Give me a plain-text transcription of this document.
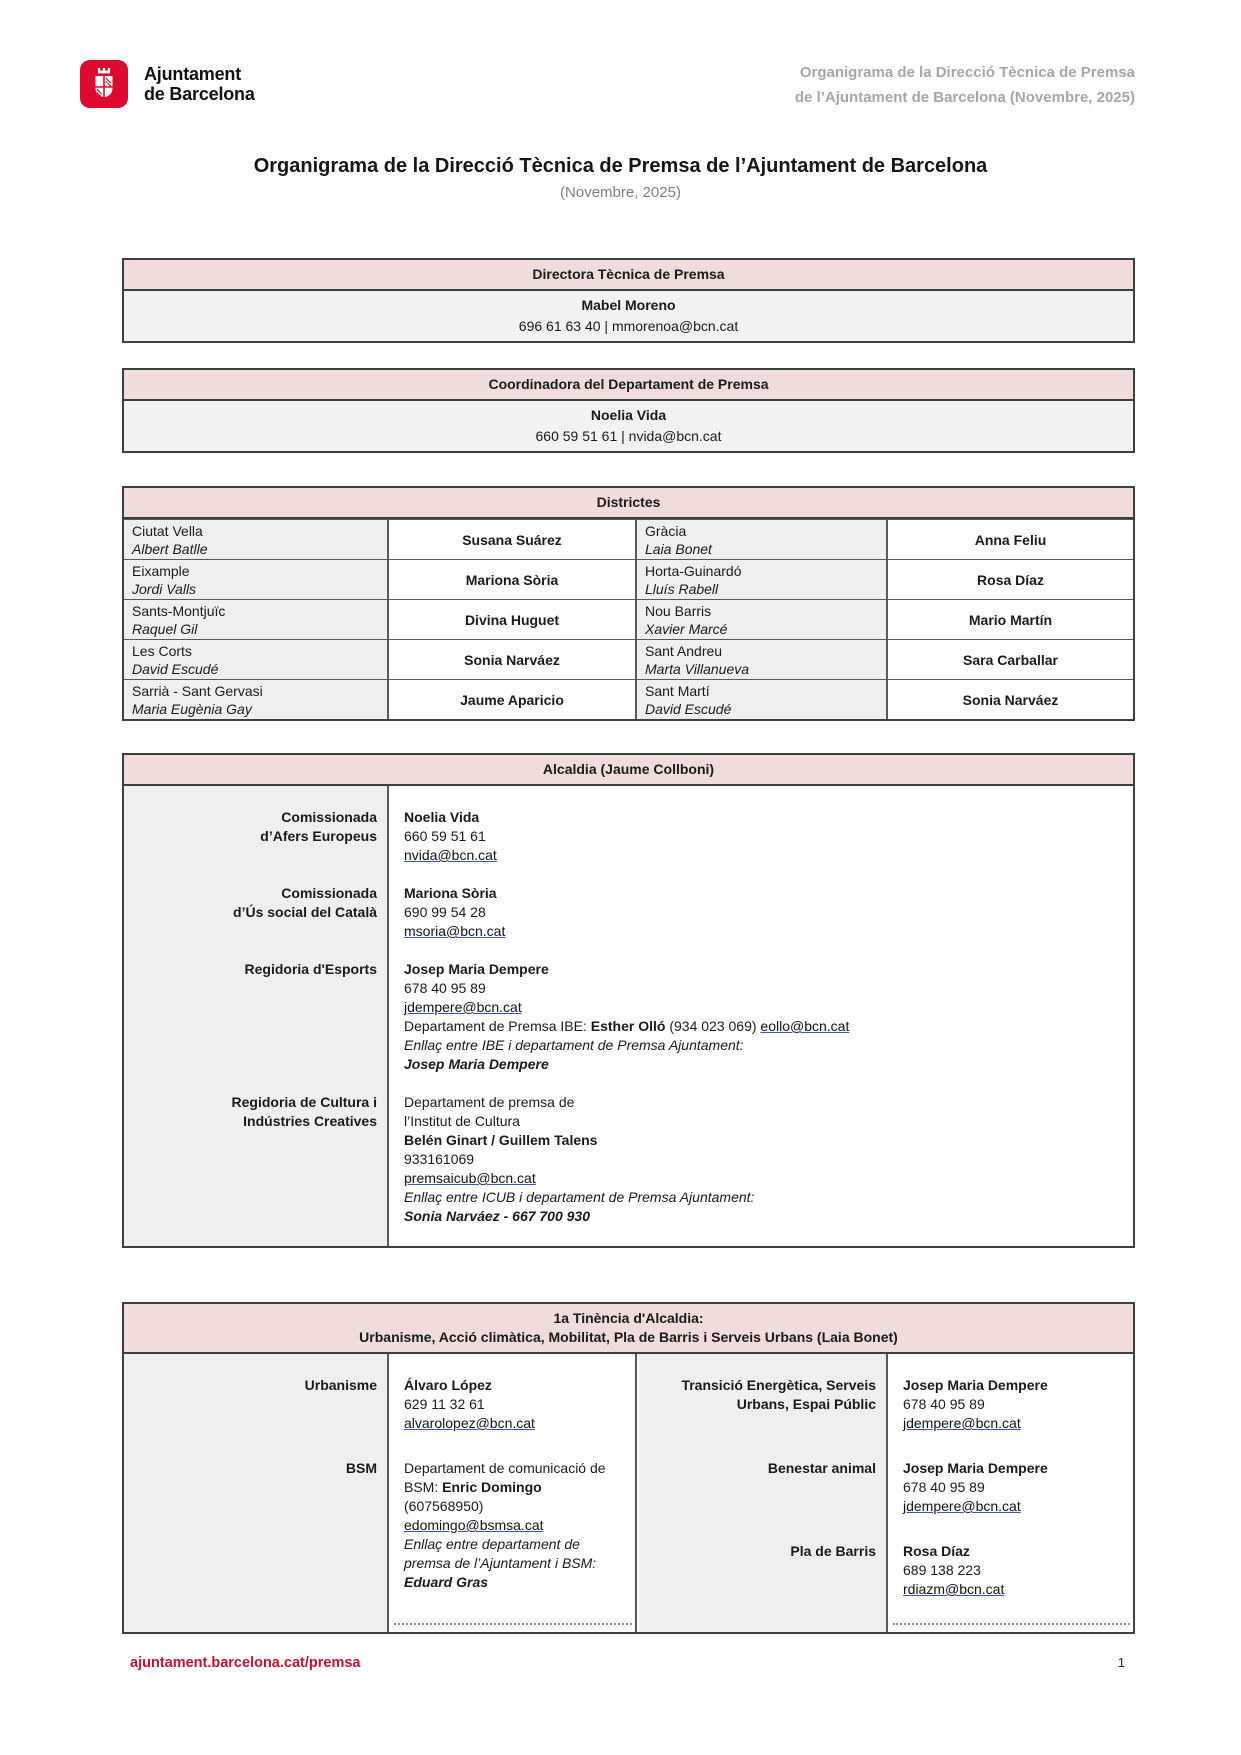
Ajuntament
de Barcelona
Organigrama de la Direcció Tècnica de Premsa
de l’Ajuntament de Barcelona (Novembre, 2025)
Organigrama de la Direcció Tècnica de Premsa de l’Ajuntament de Barcelona
(Novembre, 2025)
Directora Tècnica de Premsa
Mabel Moreno
696 61 63 40 | mmorenoa@bcn.cat
Coordinadora del Departament de Premsa
Noelia Vida
660 59 51 61 | nvida@bcn.cat
Districtes
Ciutat Vella
Albert Batlle
Susana Suárez
Gràcia
Laia Bonet
Anna Feliu
Eixample
Jordi Valls
Mariona Sòria
Horta-Guinardó
Lluís Rabell
Rosa Díaz
Sants-Montjuïc
Raquel Gil
Divina Huguet
Nou Barris
Xavier Marcé
Mario Martín
Les Corts
David Escudé
Sonia Narváez
Sant Andreu
Marta Villanueva
Sara Carballar
Sarrià - Sant Gervasi
Maria Eugènia Gay
Jaume Aparicio
Sant Martí
David Escudé
Sonia Narváez
Alcaldia (Jaume Collboni)
Comissionada
d’Afers Europeus
Comissionada
d’Ús social del Català
Regidoria d'Esports
Regidoria de Cultura i
Indústries Creatives
Noelia Vida
660 59 51 61
nvida@bcn.cat
Mariona Sòria
690 99 54 28
msoria@bcn.cat
Josep Maria Dempere
678 40 95 89
jdempere@bcn.cat
Departament de Premsa IBE: Esther Olló (934 023 069) eollo@bcn.cat
Enllaç entre IBE i departament de Premsa Ajuntament:
Josep Maria Dempere
Departament de premsa de
l’Institut de Cultura
Belén Ginart / Guillem Talens
933161069
premsaicub@bcn.cat
Enllaç entre ICUB i departament de Premsa Ajuntament:
Sonia Narváez - 667 700 930
1a Tinència d'Alcaldia:
Urbanisme, Acció climàtica, Mobilitat, Pla de Barris i Serveis Urbans (Laia Bonet)
Urbanisme
BSM
Álvaro López
629 11 32 61
alvarolopez@bcn.cat
Departament de comunicació de
BSM: Enric Domingo
(607568950)
edomingo@bsmsa.cat
Enllaç entre departament de premsa de l’Ajuntament i BSM:
Eduard Gras
Transició Energètica, Serveis
Urbans, Espai Públic
Benestar animal
Pla de Barris
Josep Maria Dempere
678 40 95 89
jdempere@bcn.cat
Josep Maria Dempere
678 40 95 89
jdempere@bcn.cat
Rosa Díaz
689 138 223
rdiazm@bcn.cat
ajuntament.barcelona.cat/premsa	1
